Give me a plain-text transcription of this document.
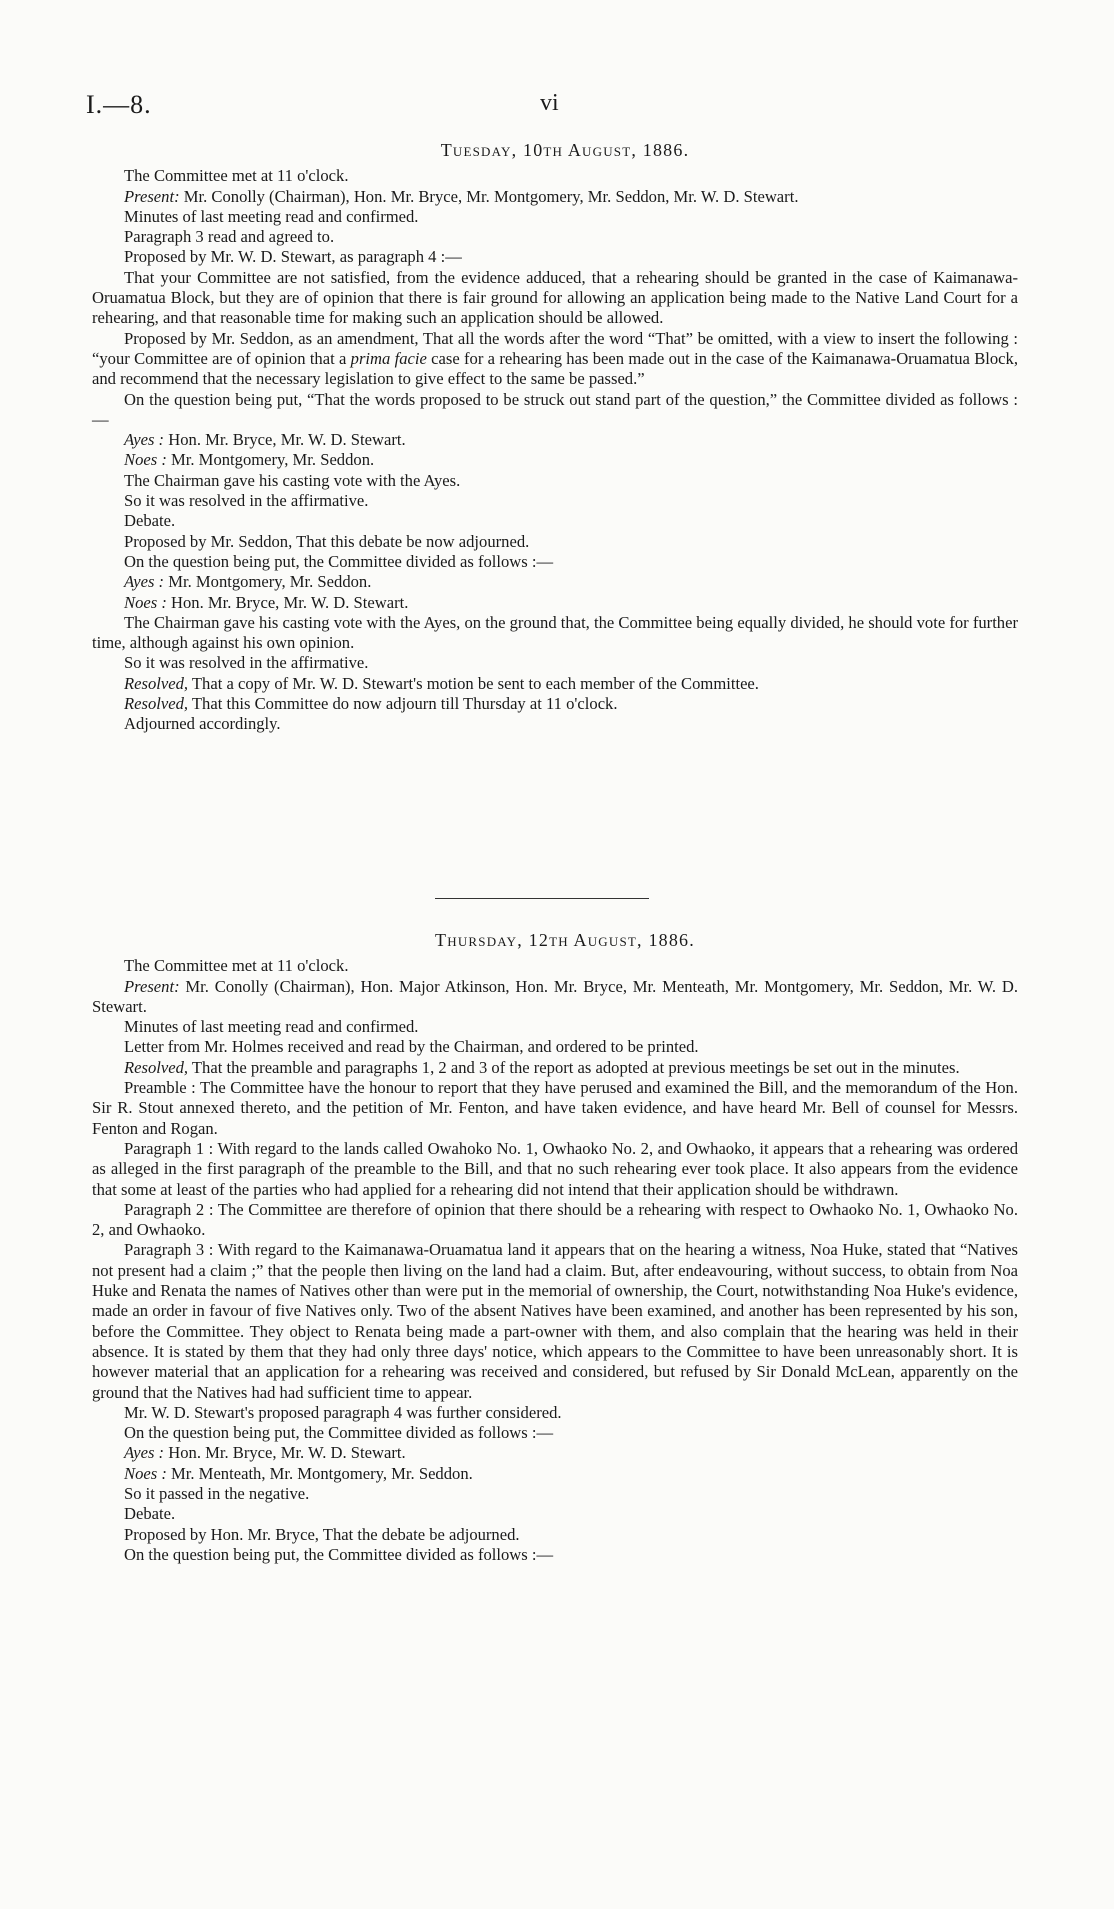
I.—8.	vi
Tuesday, 10th August, 1886.

The Committee met at 11 o'clock.

Present: Mr. Conolly (Chairman), Hon. Mr. Bryce, Mr. Montgomery, Mr. Seddon, Mr. W. D. Stewart.

Minutes of last meeting read and confirmed.

Paragraph 3 read and agreed to.

Proposed by Mr. W. D. Stewart, as paragraph 4 :—

That your Committee are not satisfied, from the evidence adduced, that a rehearing should be granted in the case of Kaimanawa-Oruamatua Block, but they are of opinion that there is fair ground for allowing an application being made to the Native Land Court for a rehearing, and that reasonable time for making such an application should be allowed.

Proposed by Mr. Seddon, as an amendment, That all the words after the word “That” be omitted, with a view to insert the following : “your Committee are of opinion that a prima facie case for a rehearing has been made out in the case of the Kaimanawa-Oruamatua Block, and recommend that the necessary legislation to give effect to the same be passed.”

On the question being put, “That the words proposed to be struck out stand part of the question,” the Committee divided as follows :—

Ayes : Hon. Mr. Bryce, Mr. W. D. Stewart.

Noes : Mr. Montgomery, Mr. Seddon.

The Chairman gave his casting vote with the Ayes.

So it was resolved in the affirmative.

Debate.

Proposed by Mr. Seddon, That this debate be now adjourned.

On the question being put, the Committee divided as follows :—

Ayes : Mr. Montgomery, Mr. Seddon.

Noes : Hon. Mr. Bryce, Mr. W. D. Stewart.

The Chairman gave his casting vote with the Ayes, on the ground that, the Committee being equally divided, he should vote for further time, although against his own opinion.

So it was resolved in the affirmative.

Resolved, That a copy of Mr. W. D. Stewart's motion be sent to each member of the Committee.

Resolved, That this Committee do now adjourn till Thursday at 11 o'clock.

Adjourned accordingly.

Thursday, 12th August, 1886.

The Committee met at 11 o'clock.

Present: Mr. Conolly (Chairman), Hon. Major Atkinson, Hon. Mr. Bryce, Mr. Menteath, Mr. Montgomery, Mr. Seddon, Mr. W. D. Stewart.

Minutes of last meeting read and confirmed.

Letter from Mr. Holmes received and read by the Chairman, and ordered to be printed.

Resolved, That the preamble and paragraphs 1, 2 and 3 of the report as adopted at previous meetings be set out in the minutes.

Preamble : The Committee have the honour to report that they have perused and examined the Bill, and the memorandum of the Hon. Sir R. Stout annexed thereto, and the petition of Mr. Fenton, and have taken evidence, and have heard Mr. Bell of counsel for Messrs. Fenton and Rogan.

Paragraph 1 : With regard to the lands called Owahoko No. 1, Owhaoko No. 2, and Owhaoko, it appears that a rehearing was ordered as alleged in the first paragraph of the preamble to the Bill, and that no such rehearing ever took place. It also appears from the evidence that some at least of the parties who had applied for a rehearing did not intend that their application should be withdrawn.

Paragraph 2 : The Committee are therefore of opinion that there should be a rehearing with respect to Owhaoko No. 1, Owhaoko No. 2, and Owhaoko.

Paragraph 3 : With regard to the Kaimanawa-Oruamatua land it appears that on the hearing a witness, Noa Huke, stated that “Natives not present had a claim ;” that the people then living on the land had a claim. But, after endeavouring, without success, to obtain from Noa Huke and Renata the names of Natives other than were put in the memorial of ownership, the Court, notwithstanding Noa Huke's evidence, made an order in favour of five Natives only. Two of the absent Natives have been examined, and another has been represented by his son, before the Committee. They object to Renata being made a part-owner with them, and also complain that the hearing was held in their absence. It is stated by them that they had only three days' notice, which appears to the Committee to have been unreasonably short. It is however material that an application for a rehearing was received and considered, but refused by Sir Donald McLean, apparently on the ground that the Natives had had sufficient time to appear.

Mr. W. D. Stewart's proposed paragraph 4 was further considered.

On the question being put, the Committee divided as follows :—

Ayes : Hon. Mr. Bryce, Mr. W. D. Stewart.

Noes : Mr. Menteath, Mr. Montgomery, Mr. Seddon.

So it passed in the negative.

Debate.

Proposed by Hon. Mr. Bryce, That the debate be adjourned.

On the question being put, the Committee divided as follows :—
